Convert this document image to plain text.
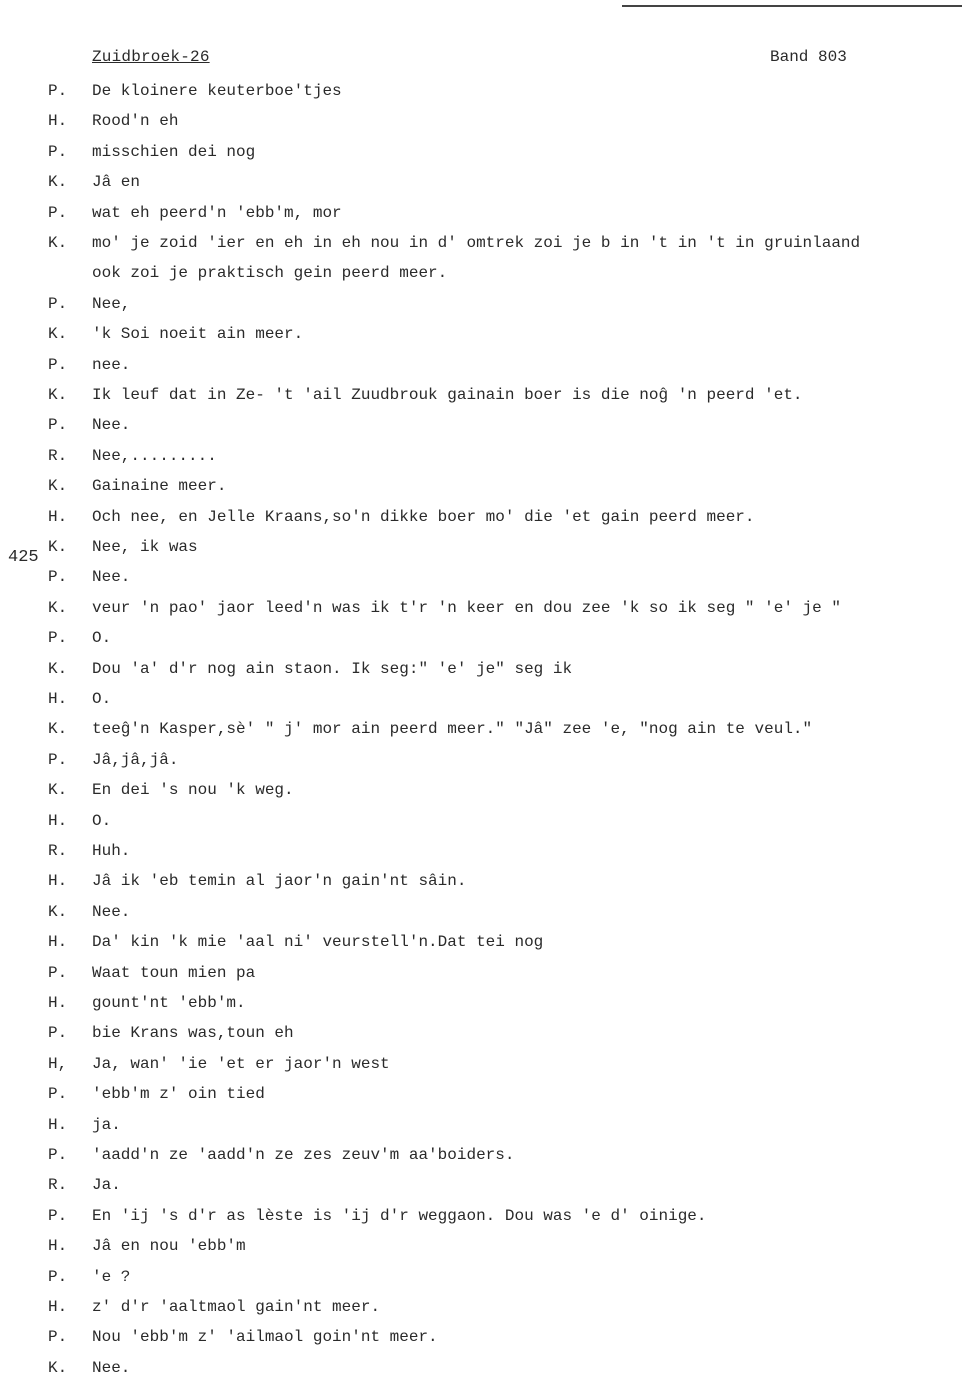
Zuidbroek-26	Band 803
425
P.	De kloinere keuterboe'tjes
H.	Rood'n eh
P.	misschien dei nog
K.	Jâ en
P.	wat eh peerd'n 'ebb'm, mor
K.	mo' je zoid 'ier en eh in eh nou in d' omtrek zoi je b in 't in 't in gruinlaand
ook zoi je praktisch gein peerd meer.
P.	Nee,
K.	'k Soi noeit ain meer.
P.	nee.
K.	Ik leuf dat in Ze- 't 'ail Zuudbrouk gainain boer is die noĝ 'n peerd 'et.
P.	Nee.
R.	Nee,.........
K.	Gainaine meer.
H.	Och nee, en Jelle Kraans,so'n dikke boer mo' die 'et gain peerd meer.
K.	Nee, ik was
P.	Nee.
K.	veur 'n pao' jaor leed'n was ik t'r 'n keer en dou zee 'k so ik seg " 'e' je "
P.	O.
K.	Dou 'a' d'r nog ain staon. Ik seg:" 'e' je" seg ik
H.	O.
K.	teeĝ'n Kasper,sè' " j' mor ain peerd meer." "Jâ" zee 'e, "nog ain te veul."
P.	Jâ,jâ,jâ.
K.	En dei 's nou 'k weg.
H.	O.
R.	Huh.
H.	Jâ ik 'eb temin al jaor'n gain'nt sâin.
K.	Nee.
H.	Da' kin 'k mie 'aal ni' veurstell'n.Dat tei nog
P.	Waat toun mien pa
H.	gount'nt 'ebb'm.
P.	bie Krans was,toun eh
H,	Ja, wan' 'ie 'et er jaor'n west
P.	'ebb'm z' oin tied
H.	ja.
P.	'aadd'n ze 'aadd'n ze zes zeuv'm aa'boiders.
R.	Ja.
P.	En 'ij 's d'r as lèste is 'ij d'r weggaon. Dou was 'e d' oinige.
H.	Jâ en nou 'ebb'm
P.	'e ?
H.	z' d'r 'aaltmaol gain'nt meer.
P.	Nou 'ebb'm z' 'ailmaol goin'nt meer.
K.	Nee.
